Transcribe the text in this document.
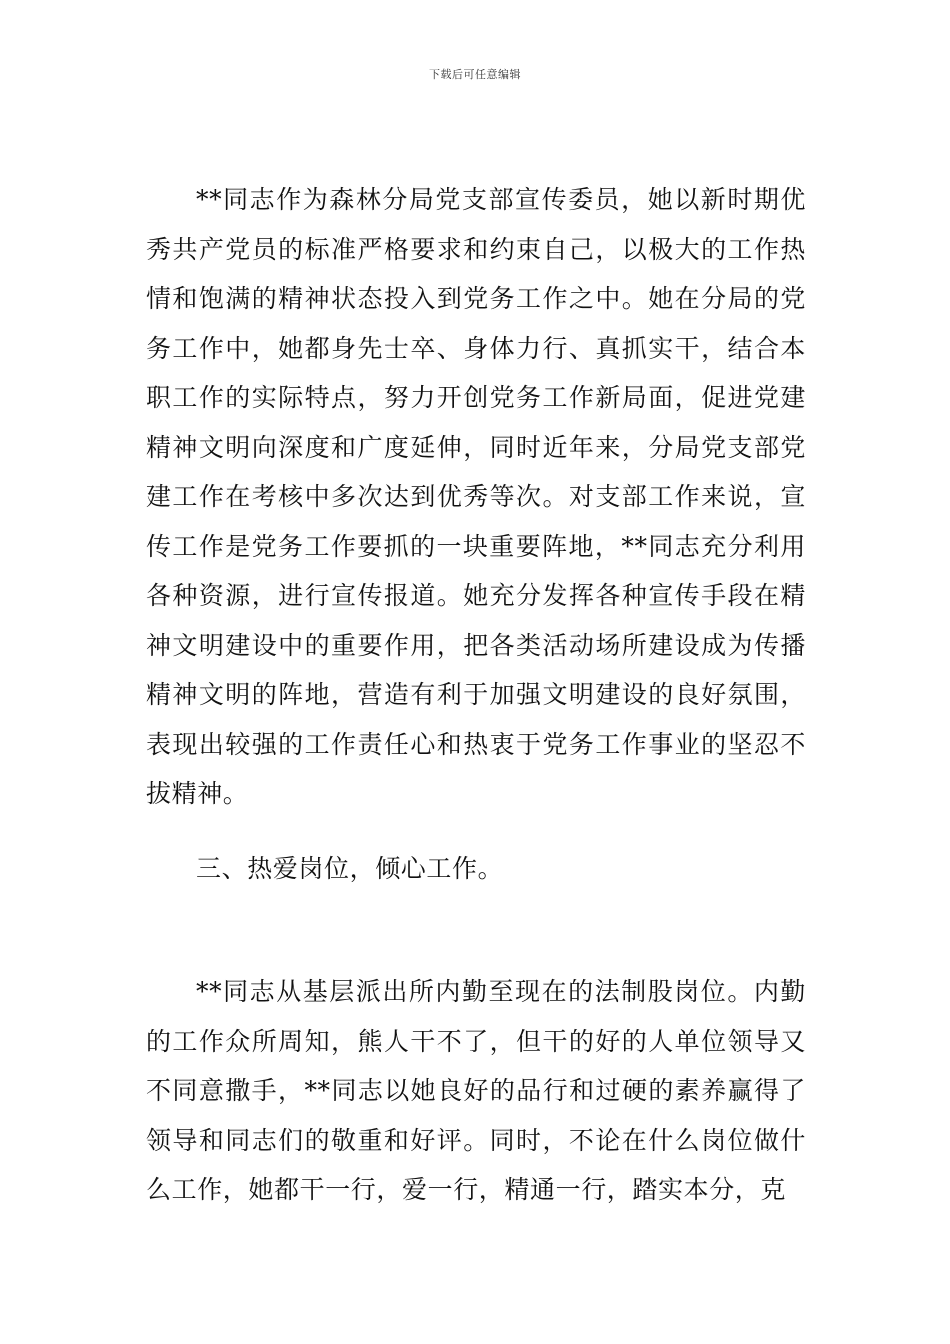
下载后可任意编辑

**同志作为森林分局党支部宣传委员，她以新时期优秀共产党员的标准严格要求和约束自己，以极大的工作热情和饱满的精神状态投入到党务工作之中。她在分局的党务工作中，她都身先士卒、身体力行、真抓实干，结合本职工作的实际特点，努力开创党务工作新局面，促进党建精神文明向深度和广度延伸，同时近年来，分局党支部党建工作在考核中多次达到优秀等次。对支部工作来说，宣传工作是党务工作要抓的一块重要阵地，**同志充分利用各种资源，进行宣传报道。她充分发挥各种宣传手段在精神文明建设中的重要作用，把各类活动场所建设成为传播精神文明的阵地，营造有利于加强文明建设的良好氛围，表现出较强的工作责任心和热衷于党务工作事业的坚忍不拔精神。

三、热爱岗位，倾心工作。

**同志从基层派出所内勤至现在的法制股岗位。内勤的工作众所周知，熊人干不了，但干的好的人单位领导又不同意撒手，**同志以她良好的品行和过硬的素养赢得了领导和同志们的敬重和好评。同时，不论在什么岗位做什么工作，她都干一行，爱一行，精通一行，踏实本分，克
